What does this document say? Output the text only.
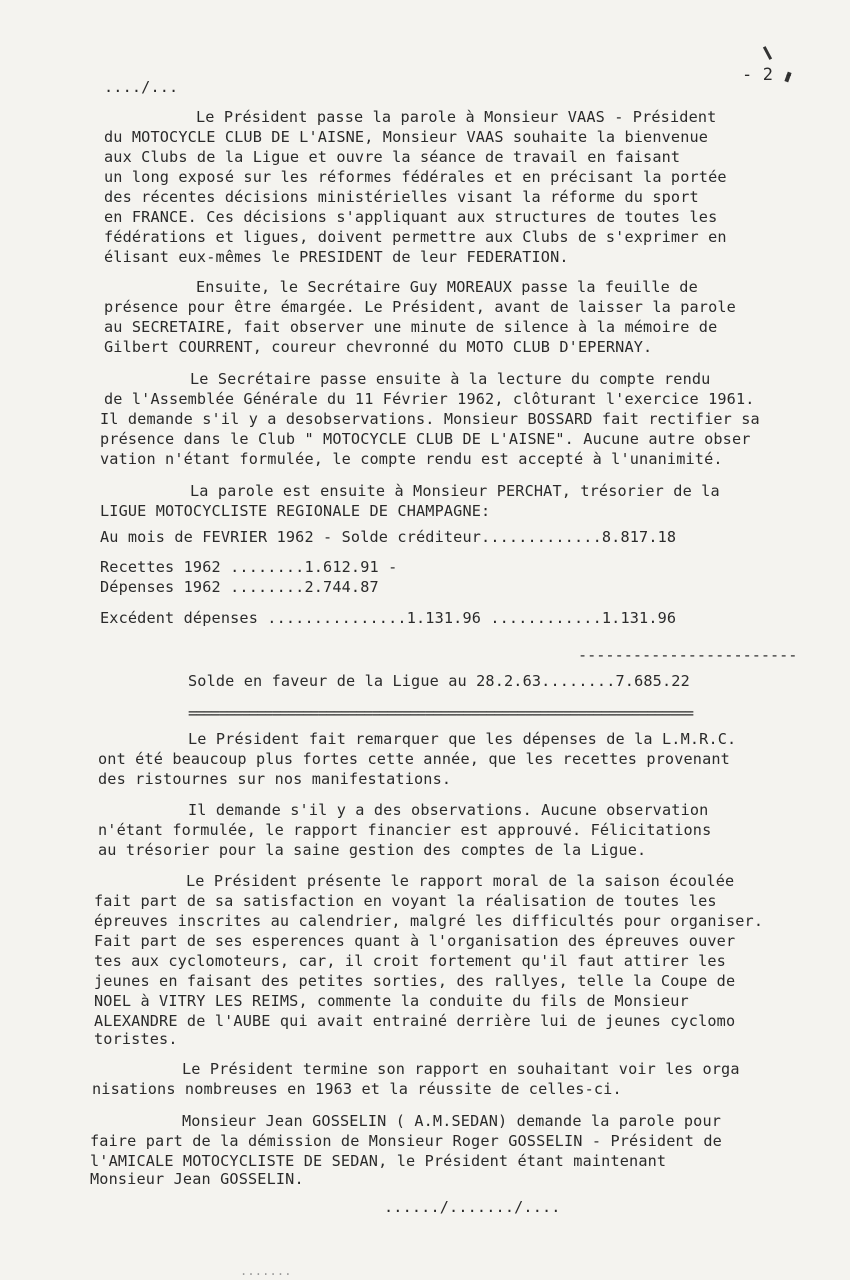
..../...
- 2 -
Le Président passe la parole à Monsieur VAAS - Président
du MOTOCYCLE CLUB DE L'AISNE, Monsieur VAAS souhaite la bienvenue
aux Clubs de la Ligue et ouvre la séance de travail en faisant
un long exposé sur les réformes fédérales et en précisant la portée
des récentes décisions ministérielles visant la réforme du sport
en FRANCE. Ces décisions s'appliquant aux structures de toutes les
fédérations et ligues, doivent permettre aux Clubs de s'exprimer en
élisant eux-mêmes le PRESIDENT de leur FEDERATION.
Ensuite, le Secrétaire Guy MOREAUX passe la feuille de
présence pour être émargée. Le Président, avant de laisser la parole
au SECRETAIRE, fait observer une minute de silence à la mémoire de
Gilbert COURRENT, coureur chevronné du MOTO CLUB D'EPERNAY.
Le Secrétaire passe ensuite à la lecture du compte rendu
de l'Assemblée Générale du 11 Février 1962, clôturant l'exercice 1961.
Il demande s'il y a desobservations. Monsieur BOSSARD fait rectifier sa
présence dans le Club " MOTOCYCLE CLUB DE L'AISNE". Aucune autre obser
vation n'étant formulée, le compte rendu est accepté à l'unanimité.
La parole est ensuite à Monsieur PERCHAT, trésorier de la
LIGUE MOTOCYCLISTE REGIONALE DE CHAMPAGNE:
Au mois de FEVRIER 1962 - Solde créditeur.............8.817.18
Recettes 1962 ........1.612.91 -
Dépenses 1962 ........2.744.87
Excédent dépenses ...............1.131.96 ............1.131.96
------------------------
Solde en faveur de la Ligue au 28.2.63........7.685.22
==================================================================
Le Président fait remarquer que les dépenses de la L.M.R.C.
ont été beaucoup plus fortes cette année, que les recettes provenant
des ristournes sur nos manifestations.
Il demande s'il y a des observations. Aucune observation
n'étant formulée, le rapport financier est approuvé. Félicitations
au trésorier pour la saine gestion des comptes de la Ligue.
Le Président présente le rapport moral de la saison écoulée
fait part de sa satisfaction en voyant la réalisation de toutes les
épreuves inscrites au calendrier, malgré les difficultés pour organiser.
Fait part de ses esperences quant à l'organisation des épreuves ouver
tes aux cyclomoteurs, car, il croit fortement qu'il faut attirer les
jeunes en faisant des petites sorties, des rallyes, telle la Coupe de
NOEL à VITRY LES REIMS, commente la conduite du fils de Monsieur
ALEXANDRE de l'AUBE qui avait entrainé derrière lui de jeunes cyclomo
toristes.
Le Président termine son rapport en souhaitant voir les orga
nisations nombreuses en 1963 et la réussite de celles-ci.
Monsieur Jean GOSSELIN ( A.M.SEDAN) demande la parole pour
faire part de la démission de Monsieur Roger GOSSELIN - Président de
l'AMICALE MOTOCYCLISTE DE SEDAN, le Président étant maintenant
Monsieur Jean GOSSELIN.
....../......./....
.......
